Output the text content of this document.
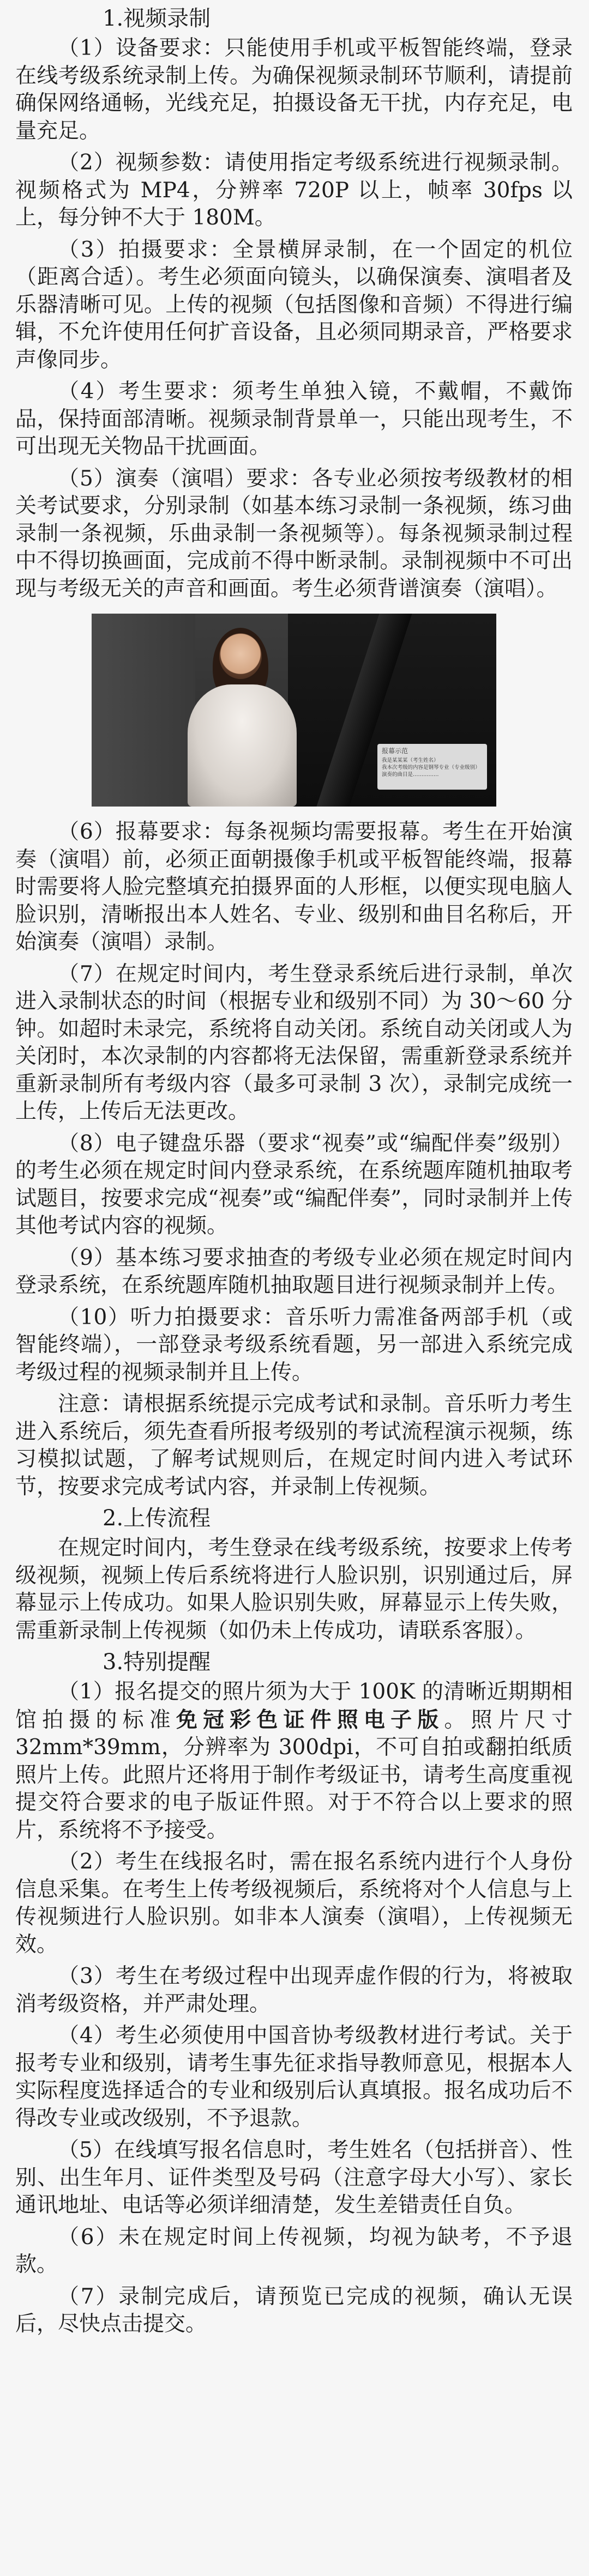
1.视频录制

（1）设备要求：只能使用手机或平板智能终端，登录在线考级系统录制上传。为确保视频录制环节顺利，请提前确保网络通畅，光线充足，拍摄设备无干扰，内存充足，电量充足。

（2）视频参数：请使用指定考级系统进行视频录制。视频格式为 MP4，分辨率 720P 以上，帧率 30fps 以上，每分钟不大于 180M。

（3）拍摄要求：全景横屏录制，在一个固定的机位（距离合适）。考生必须面向镜头，以确保演奏、演唱者及乐器清晰可见。上传的视频（包括图像和音频）不得进行编辑，不允许使用任何扩音设备，且必须同期录音，严格要求声像同步。

（4）考生要求：须考生单独入镜，不戴帽，不戴饰品，保持面部清晰。视频录制背景单一，只能出现考生，不可出现无关物品干扰画面。

（5）演奏（演唱）要求：各专业必须按考级教材的相关考试要求，分别录制（如基本练习录制一条视频，练习曲录制一条视频，乐曲录制一条视频等）。每条视频录制过程中不得切换画面，完成前不得中断录制。录制视频中不可出现与考级无关的声音和画面。考生必须背谱演奏（演唱）。

报幕示范
我是某某某（考生姓名）
我本次考级的内容是钢琴专业（专业级别）
演奏的曲目是……………

（6）报幕要求：每条视频均需要报幕。考生在开始演奏（演唱）前，必须正面朝摄像手机或平板智能终端，报幕时需要将人脸完整填充拍摄界面的人形框，以便实现电脑人脸识别，清晰报出本人姓名、专业、级别和曲目名称后，开始演奏（演唱）录制。

（7）在规定时间内，考生登录系统后进行录制，单次进入录制状态的时间（根据专业和级别不同）为 30～60 分钟。如超时未录完，系统将自动关闭。系统自动关闭或人为关闭时，本次录制的内容都将无法保留，需重新登录系统并重新录制所有考级内容（最多可录制 3 次），录制完成统一上传，上传后无法更改。

（8）电子键盘乐器（要求“视奏”或“编配伴奏”级别）的考生必须在规定时间内登录系统，在系统题库随机抽取考试题目，按要求完成“视奏”或“编配伴奏”，同时录制并上传其他考试内容的视频。

（9）基本练习要求抽查的考级专业必须在规定时间内登录系统，在系统题库随机抽取题目进行视频录制并上传。

（10）听力拍摄要求：音乐听力需准备两部手机（或智能终端），一部登录考级系统看题，另一部进入系统完成考级过程的视频录制并且上传。

注意：请根据系统提示完成考试和录制。音乐听力考生进入系统后，须先查看所报考级别的考试流程演示视频，练习模拟试题，了解考试规则后，在规定时间内进入考试环节，按要求完成考试内容，并录制上传视频。

2.上传流程

在规定时间内，考生登录在线考级系统，按要求上传考级视频，视频上传后系统将进行人脸识别，识别通过后，屏幕显示上传成功。如果人脸识别失败，屏幕显示上传失败，需重新录制上传视频（如仍未上传成功，请联系客服）。

3.特别提醒

（1）报名提交的照片须为大于 100K 的清晰近期期相馆拍摄的标准免冠彩色证件照电子版。照片尺寸 32mm*39mm，分辨率为 300dpi，不可自拍或翻拍纸质照片上传。此照片还将用于制作考级证书，请考生高度重视提交符合要求的电子版证件照。对于不符合以上要求的照片，系统将不予接受。

（2）考生在线报名时，需在报名系统内进行个人身份信息采集。在考生上传考级视频后，系统将对个人信息与上传视频进行人脸识别。如非本人演奏（演唱），上传视频无效。

（3）考生在考级过程中出现弄虚作假的行为，将被取消考级资格，并严肃处理。

（4）考生必须使用中国音协考级教材进行考试。关于报考专业和级别，请考生事先征求指导教师意见，根据本人实际程度选择适合的专业和级别后认真填报。报名成功后不得改专业或改级别，不予退款。

（5）在线填写报名信息时，考生姓名（包括拼音）、性别、出生年月、证件类型及号码（注意字母大小写）、家长通讯地址、电话等必须详细清楚，发生差错责任自负。

（6）未在规定时间上传视频，均视为缺考，不予退款。

（7）录制完成后，请预览已完成的视频，确认无误后，尽快点击提交。
